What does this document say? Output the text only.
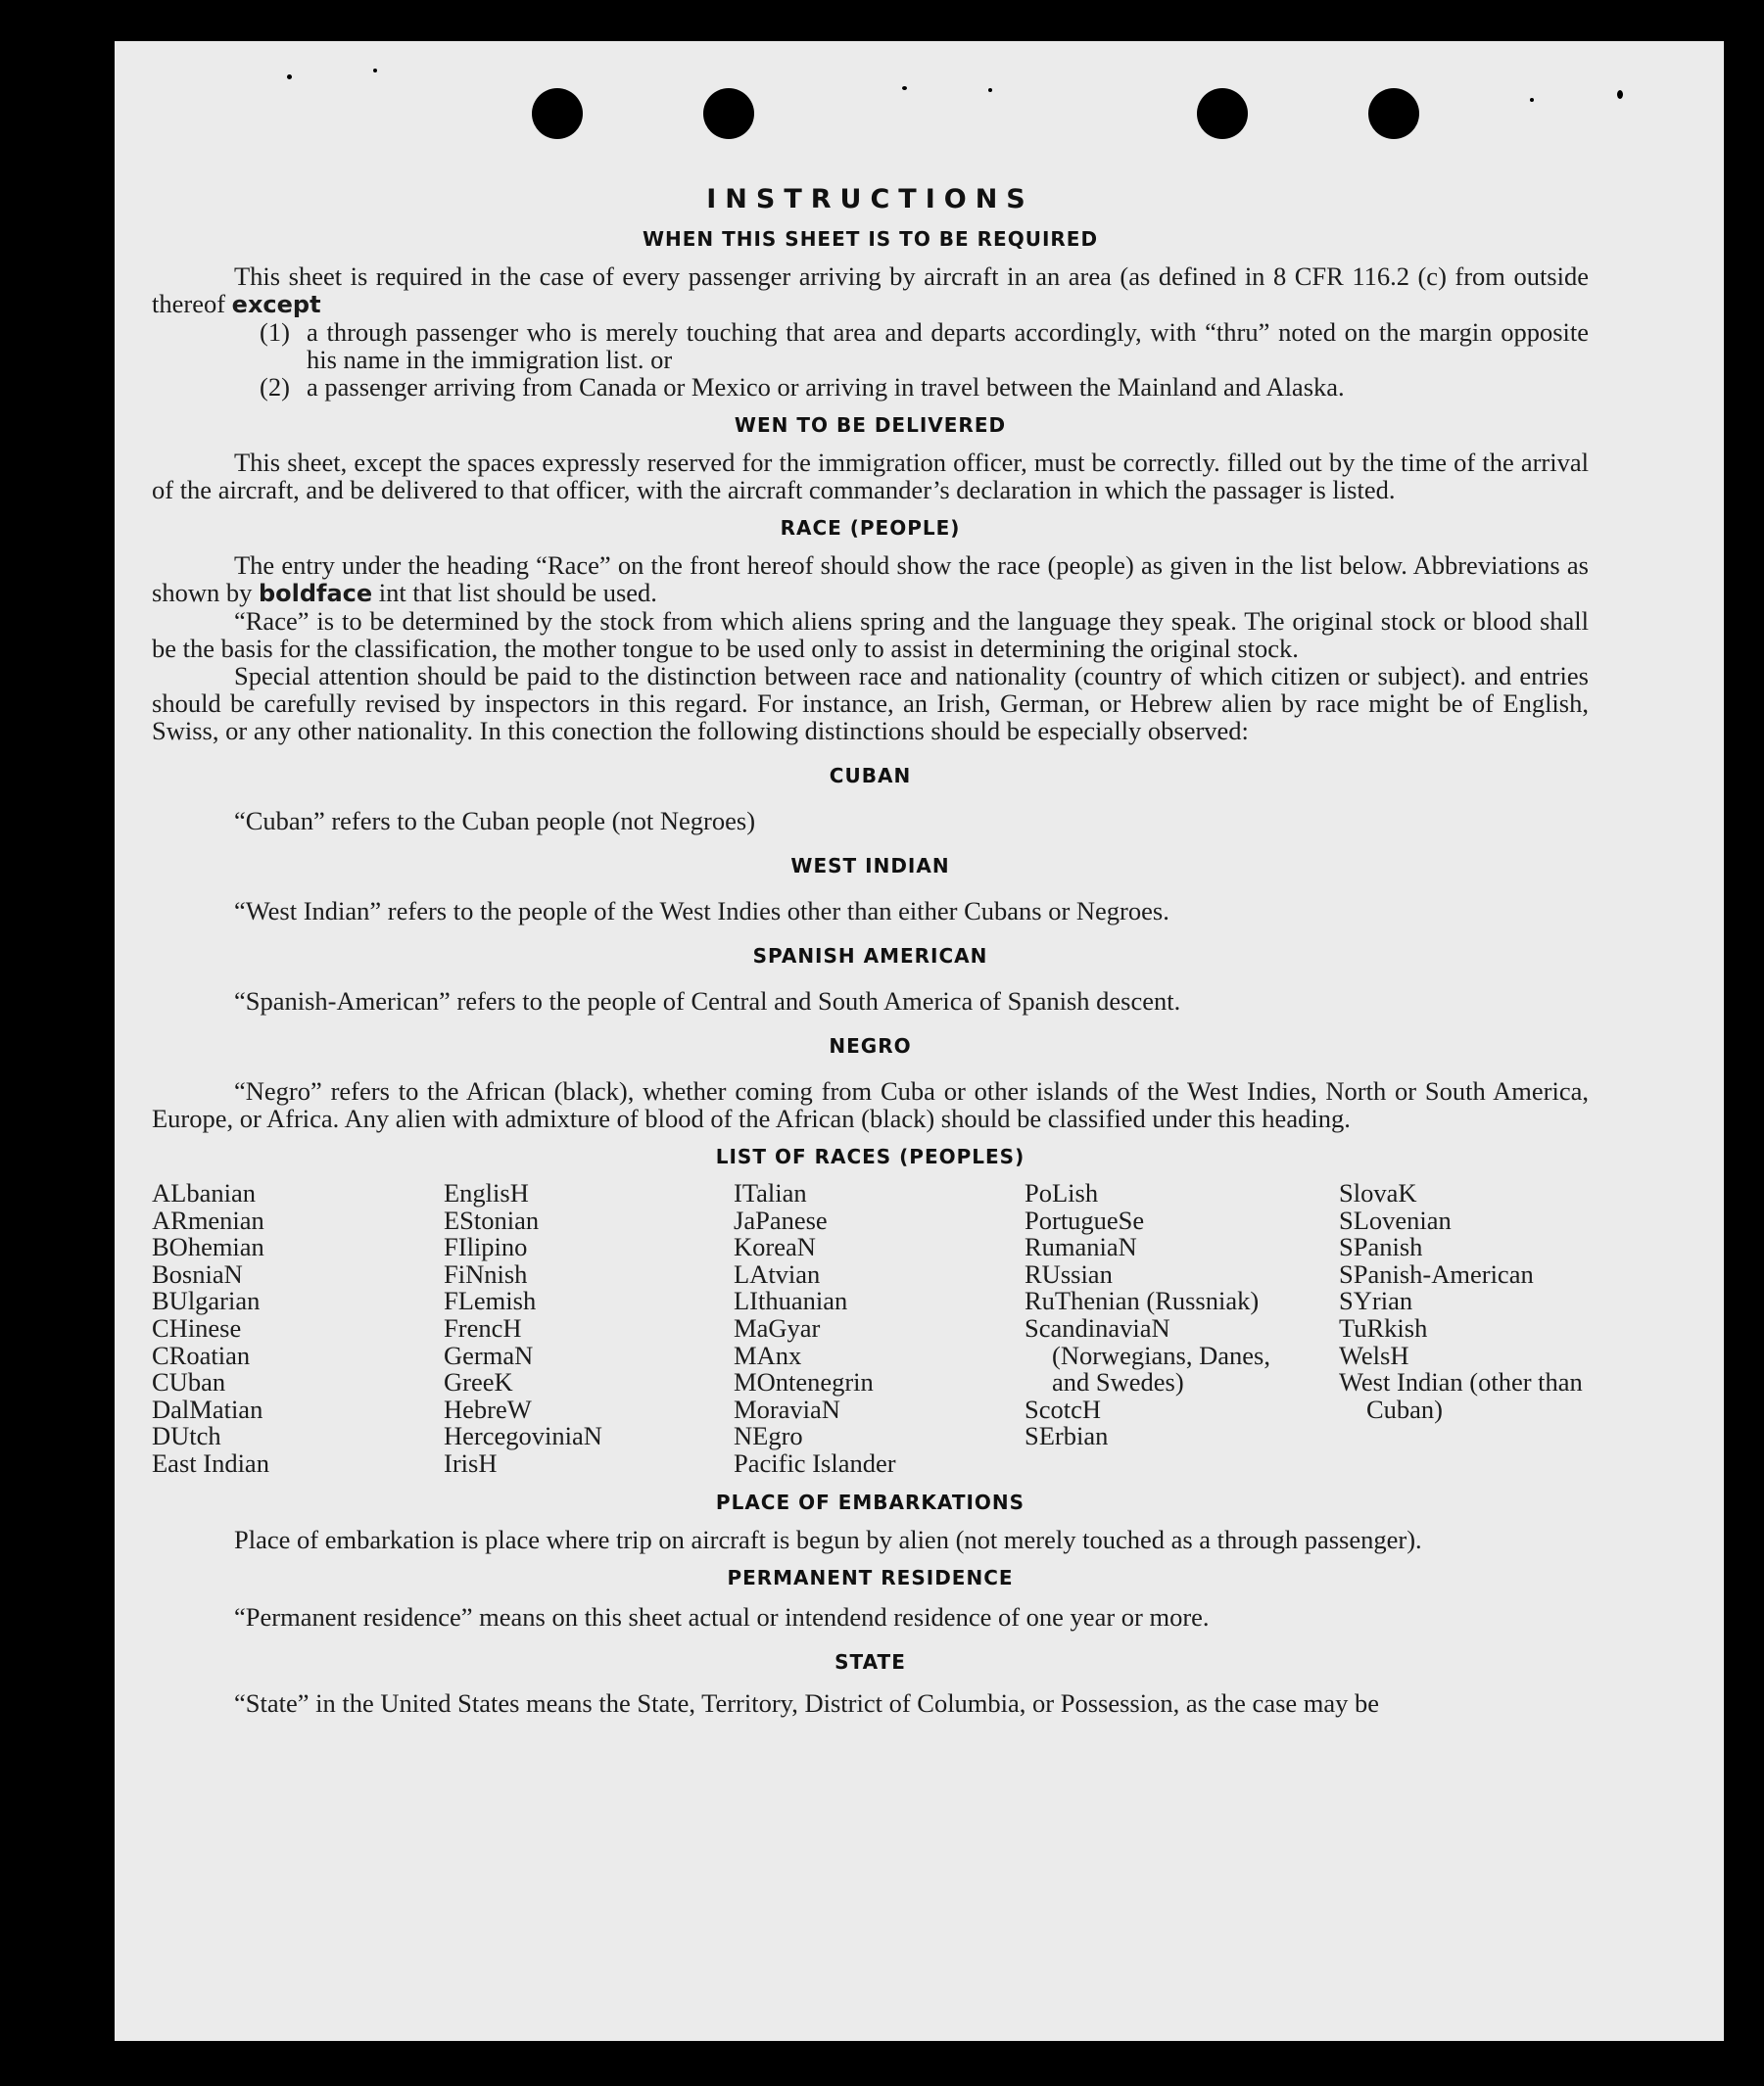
INSTRUCTIONS
WHEN THIS SHEET IS TO BE REQUIRED

This sheet is required in the case of every passenger arriving by aircraft in an area (as defined in 8 CFR 116.2 (c) from outside thereof except

(1) a through passenger who is merely touching that area and departs accordingly, with “thru” noted on the margin opposite his name in the immigration list. or
(2) a passenger arriving from Canada or Mexico or arriving in travel between the Mainland and Alaska.
WEN TO BE DELIVERED

This sheet, except the spaces expressly reserved for the immigration officer, must be correctly. filled out by the time of the arrival of the aircraft, and be delivered to that officer, with the aircraft commander’s declaration in which the passager is listed.

RACE (PEOPLE)

The entry under the heading “Race” on the front hereof should show the race (people) as given in the list below. Abbreviations as shown by boldface int that list should be used.

“Race” is to be determined by the stock from which aliens spring and the language they speak. The original stock or blood shall be the basis for the classification, the mother tongue to be used only to assist in determining the original stock.

Special attention should be paid to the distinction between race and nationality (country of which citizen or subject). and entries should be carefully revised by inspectors in this regard. For instance, an Irish, German, or Hebrew alien by race might be of English, Swiss, or any other nationality. In this conection the following distinctions should be especially observed:

CUBAN

“Cuban” refers to the Cuban people (not Negroes)

WEST INDIAN

“West Indian” refers to the people of the West Indies other than either Cubans or Negroes.

SPANISH AMERICAN

“Spanish-American” refers to the people of Central and South America of Spanish descent.

NEGRO

“Negro” refers to the African (black), whether coming from Cuba or other islands of the West Indies, North or South America, Europe, or Africa. Any alien with admixture of blood of the African (black) should be classified under this heading.

LIST OF RACES (PEOPLES)
ALbanian
ARmenian
BOhemian
BosniaN
BUlgarian
CHinese
CRoatian
CUban
DalMatian
DUtch
East Indian
EnglisH
EStonian
FIlipino
FiNnish
FLemish
FrencH
GermaN
GreeK
HebreW
HercegoviniaN
IrisH
ITalian
JaPanese
KoreaN
LAtvian
LIthuanian
MaGyar
MAnx
MOntenegrin
MoraviaN
NEgro
Pacific Islander
PoLish
PortugueSe
RumaniaN
RUssian
RuThenian (Russniak)
ScandinaviaN (Norwegians, Danes, and Swedes)
ScotcH
SErbian
SlovaK
SLovenian
SPanish
SPanish-American
SYrian
TuRkish
WelsH
West Indian (other than Cuban)
PLACE OF EMBARKATIONS

Place of embarkation is place where trip on aircraft is begun by alien (not merely touched as a through passenger).

PERMANENT RESIDENCE

“Permanent residence” means on this sheet actual or intendend residence of one year or more.

STATE

“State” in the United States means the State, Territory, District of Columbia, or Possession, as the case may be
